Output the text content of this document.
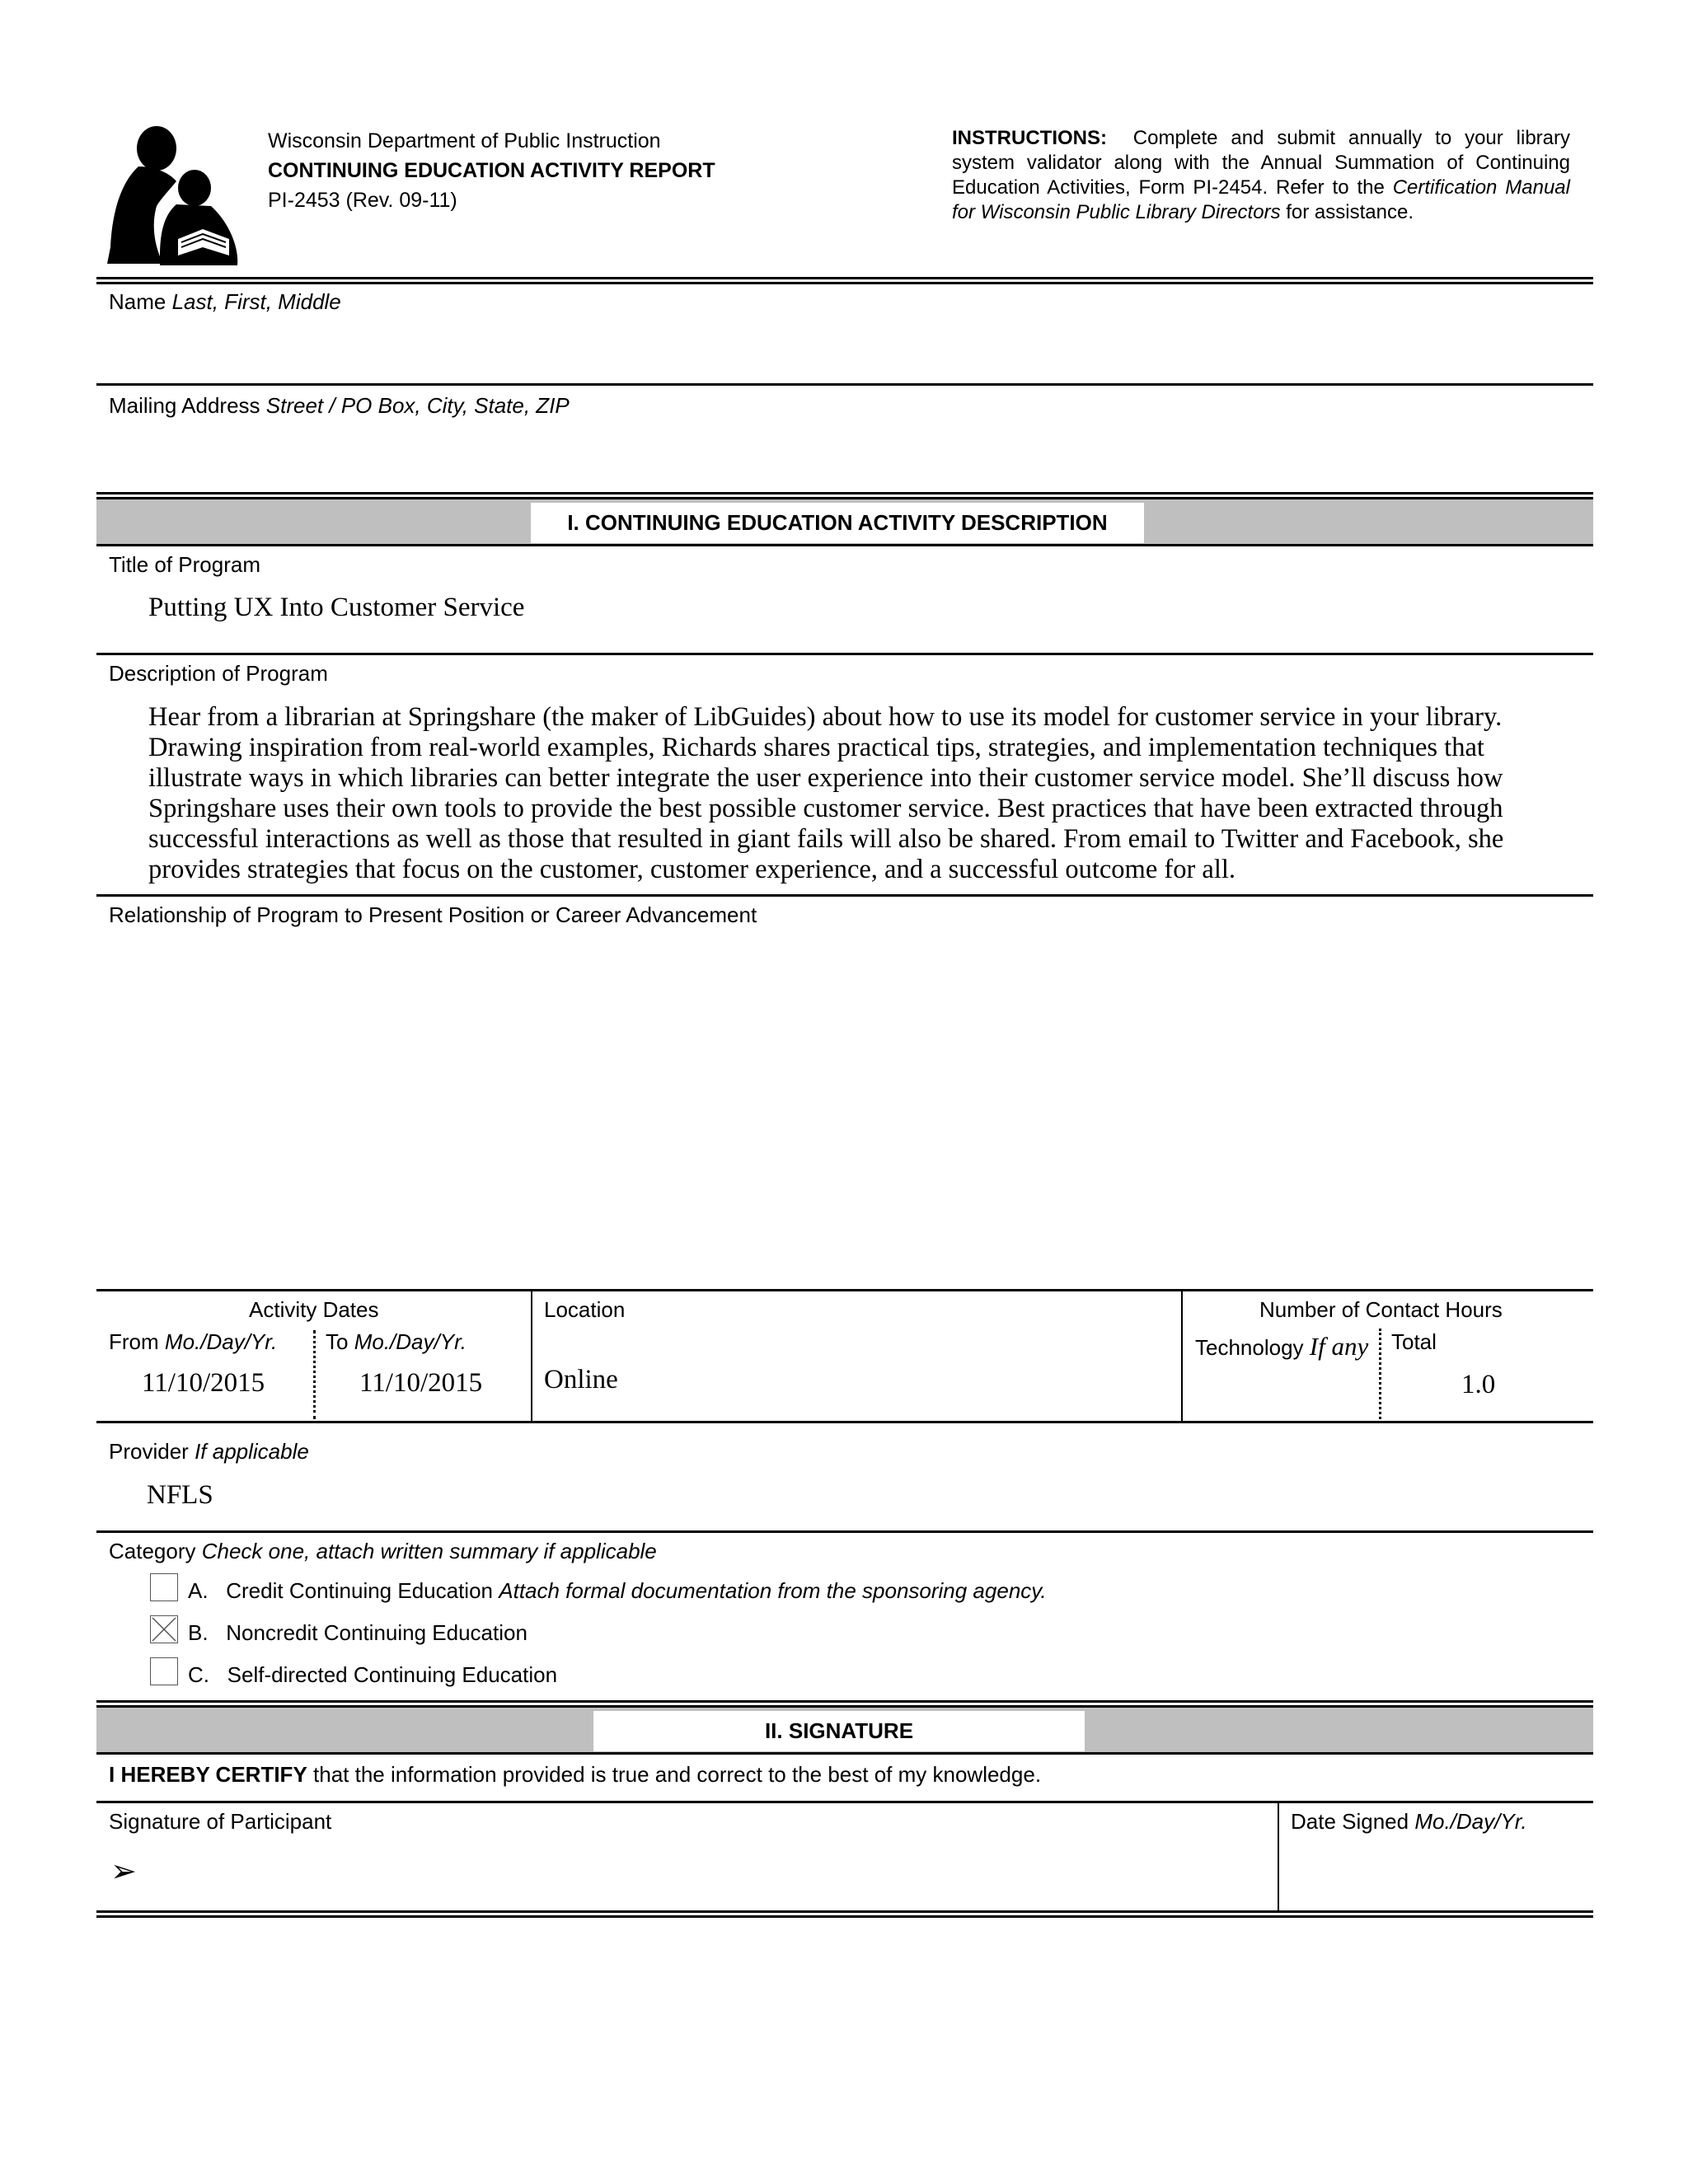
Wisconsin Department of Public Instruction
CONTINUING EDUCATION ACTIVITY REPORT
PI-2453 (Rev. 09-11)
INSTRUCTIONS: Complete and submit annually to your library system validator along with the Annual Summation of Continuing Education Activities, Form PI-2454. Refer to the Certification Manual for Wisconsin Public Library Directors for assistance.
Name Last, First, Middle
Mailing Address Street / PO Box, City, State, ZIP
I. CONTINUING EDUCATION ACTIVITY DESCRIPTION
Title of Program
Putting UX Into Customer Service
Description of Program
Hear from a librarian at Springshare (the maker of LibGuides) about how to use its model for customer service in your library.
Drawing inspiration from real-world examples, Richards shares practical tips, strategies, and implementation techniques that
illustrate ways in which libraries can better integrate the user experience into their customer service model. She’ll discuss how
Springshare uses their own tools to provide the best possible customer service. Best practices that have been extracted through
successful interactions as well as those that resulted in giant fails will also be shared. From email to Twitter and Facebook, she
provides strategies that focus on the customer, customer experience, and a successful outcome for all.
Relationship of Program to Present Position or Career Advancement
Activity Dates
From Mo./Day/Yr. To Mo./Day/Yr.
11/10/2015	11/10/2015
Location
Online
Number of Contact Hours
Technology If any Total
1.0
Provider If applicable
NFLS
Category Check one, attach written summary if applicable
A. Credit Continuing Education Attach formal documentation from the sponsoring agency.
B. Noncredit Continuing Education
C. Self-directed Continuing Education
II. SIGNATURE
I HEREBY CERTIFY that the information provided is true and correct to the best of my knowledge.
Signature of Participant
➢
Date Signed Mo./Day/Yr.
